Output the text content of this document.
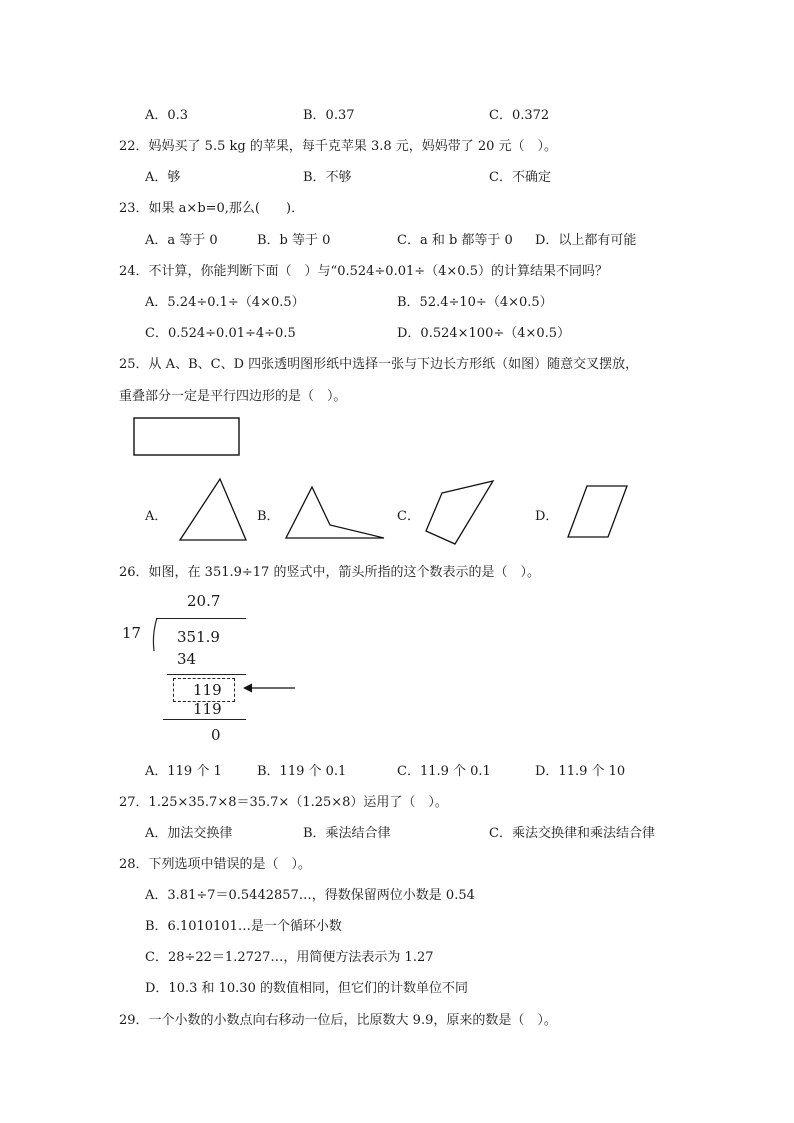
A．0.3	B．0.37	C．0.372
22．妈妈买了 5.5 kg 的苹果，每千克苹果 3.8 元，妈妈带了 20 元（　）。
A．够	B．不够	C．不确定
23．如果 a×b=0,那么(　　)．
A．a 等于 0	B．b 等于 0	C．a 和 b 都等于 0 D．以上都有可能
24．不计算，你能判断下面（　）与“0.524÷0.01÷（4×0.5）的计算结果不同吗？
A．5.24÷0.1÷（4×0.5）	B．52.4÷10÷（4×0.5）
C．0.524÷0.01÷4÷0.5	D．0.524×100÷（4×0.5）
25．从 A、B、C、D 四张透明图形纸中选择一张与下边长方形纸（如图）随意交叉摆放，
重叠部分一定是平行四边形的是（　）。
A．	B．	C．	D．
26．如图，在 351.9÷17 的竖式中，箭头所指的这个数表示的是（　）。
20.7
17 351.9
34
119
119
0
A．119 个 1	B．119 个 0.1	C．11.9 个 0.1	D．11.9 个 10
27．1.25×35.7×8＝35.7×（1.25×8）运用了（　）。
A．加法交换律	B．乘法结合律	C．乘法交换律和乘法结合律
28．下列选项中错误的是（　）。
A．3.81÷7＝0.5442857…，得数保留两位小数是 0.54
B．6.1010101…是一个循环小数
C．28÷22＝1.2727…，用简便方法表示为 1.27
D．10.3 和 10.30 的数值相同，但它们的计数单位不同
29．一个小数的小数点向右移动一位后，比原数大 9.9，原来的数是（　）。
